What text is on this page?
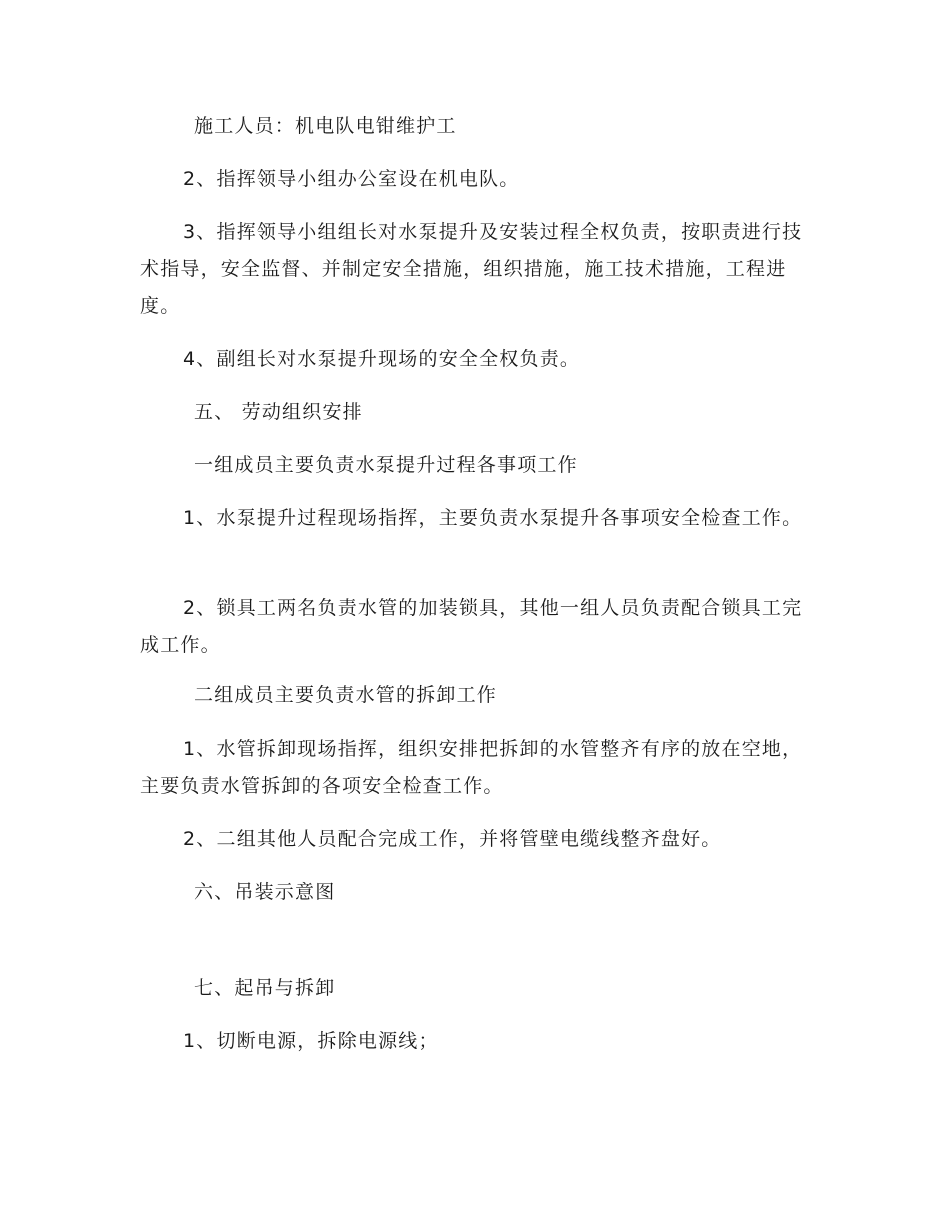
施工人员：机电队电钳维护工

2、指挥领导小组办公室设在机电队。

3、指挥领导小组组长对水泵提升及安装过程全权负责，按职责进行技术指导，安全监督、并制定安全措施，组织措施，施工技术措施，工程进度。

4、副组长对水泵提升现场的安全全权负责。

五、 劳动组织安排

一组成员主要负责水泵提升过程各事项工作

1、水泵提升过程现场指挥，主要负责水泵提升各事项安全检查工作。

2、锁具工两名负责水管的加装锁具，其他一组人员负责配合锁具工完成工作。

二组成员主要负责水管的拆卸工作

1、水管拆卸现场指挥，组织安排把拆卸的水管整齐有序的放在空地，主要负责水管拆卸的各项安全检查工作。

2、二组其他人员配合完成工作，并将管壁电缆线整齐盘好。

六、吊装示意图

七、起吊与拆卸

1、切断电源，拆除电源线；
